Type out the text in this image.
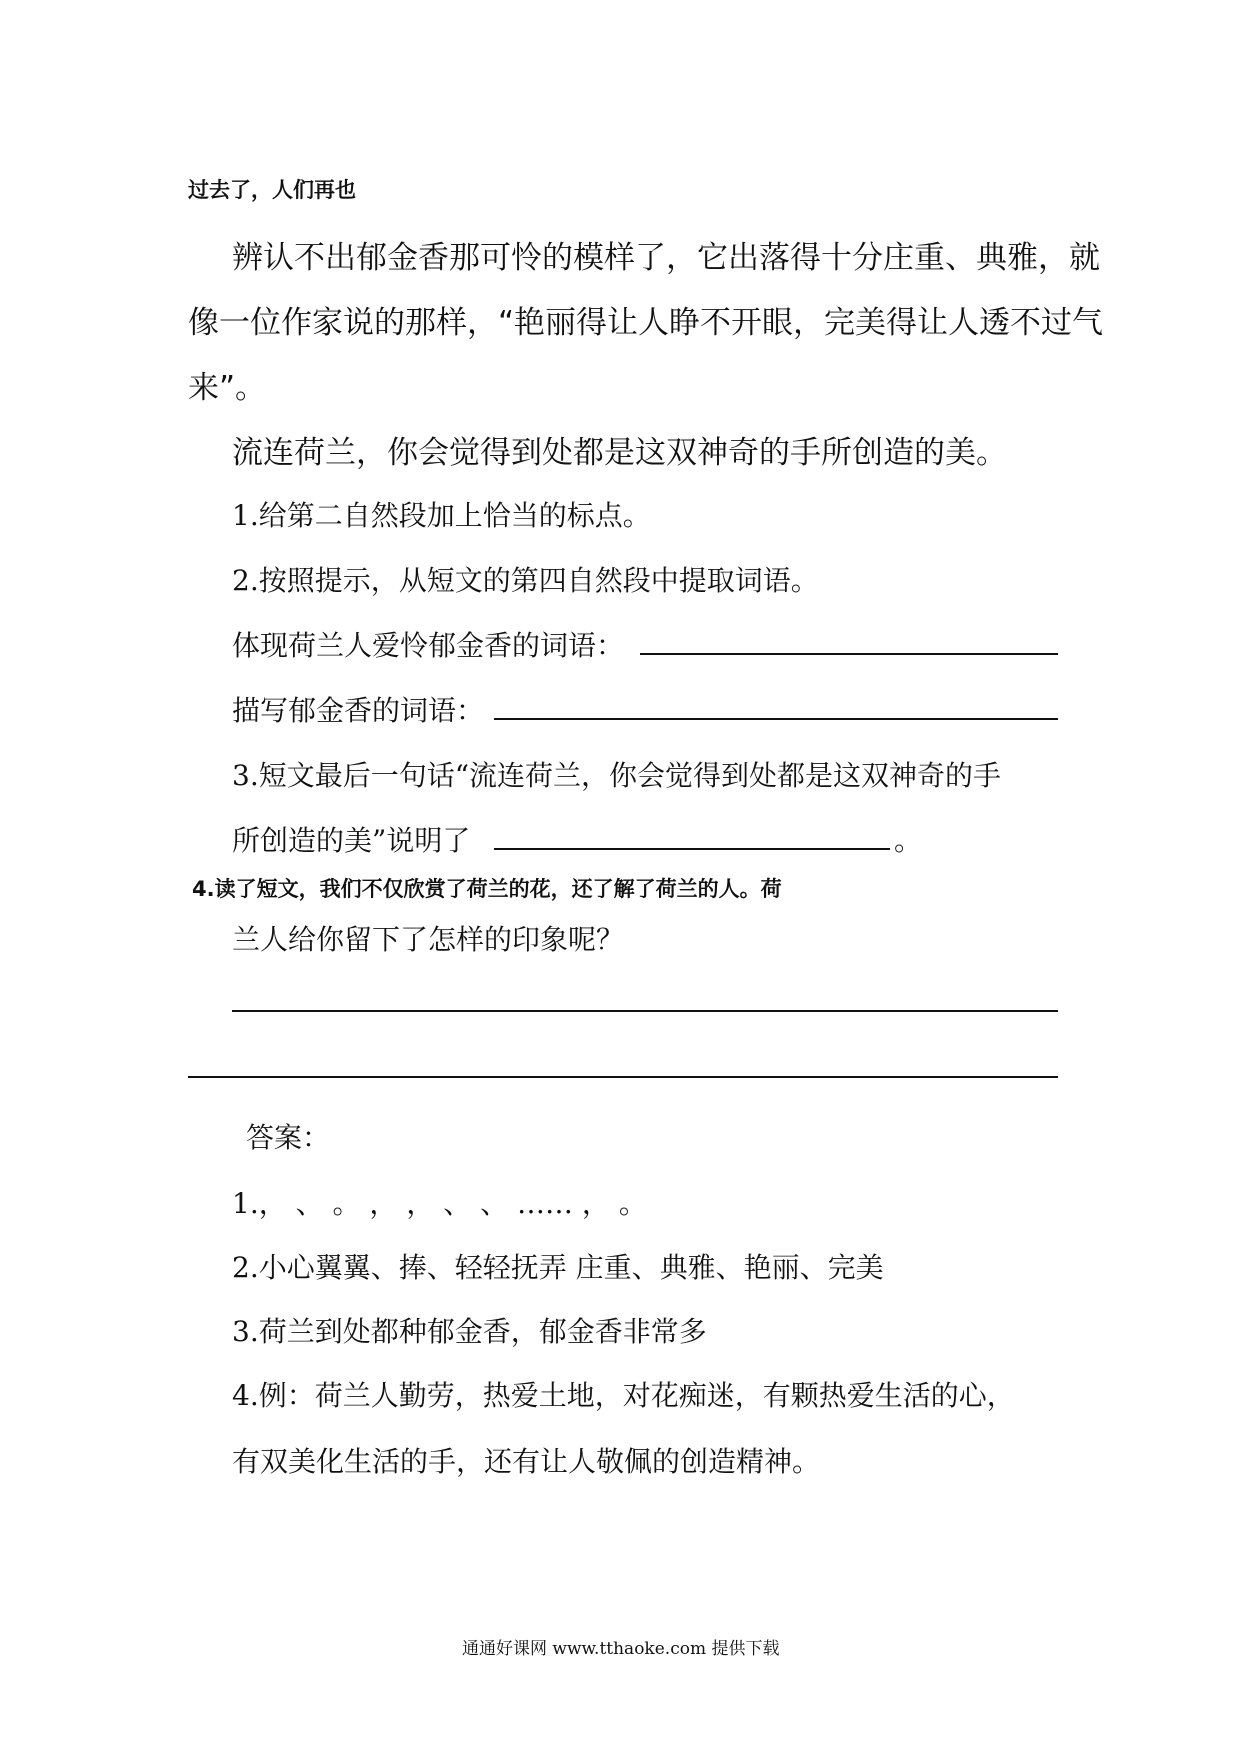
过去了，人们再也
辨认不出郁金香那可怜的模样了，它出落得十分庄重、典雅，就
像一位作家说的那样，“艳丽得让人睁不开眼，完美得让人透不过气
来”。
流连荷兰，你会觉得到处都是这双神奇的手所创造的美。
1.给第二自然段加上恰当的标点。
2.按照提示，从短文的第四自然段中提取词语。
体现荷兰人爱怜郁金香的词语：
描写郁金香的词语：
3.短文最后一句话“流连荷兰，你会觉得到处都是这双神奇的手
所创造的美”说明了	。
4.读了短文，我们不仅欣赏了荷兰的花，还了解了荷兰的人。荷
兰人给你留下了怎样的印象呢？
答案：
1.， 、 。 ， ， 、 、 …… ， 。
2.小心翼翼、捧、轻轻抚弄 庄重、典雅、艳丽、完美
3.荷兰到处都种郁金香，郁金香非常多
4.例：荷兰人勤劳，热爱土地，对花痴迷，有颗热爱生活的心，
有双美化生活的手，还有让人敬佩的创造精神。
通通好课网 www.tthaoke.com 提供下载
